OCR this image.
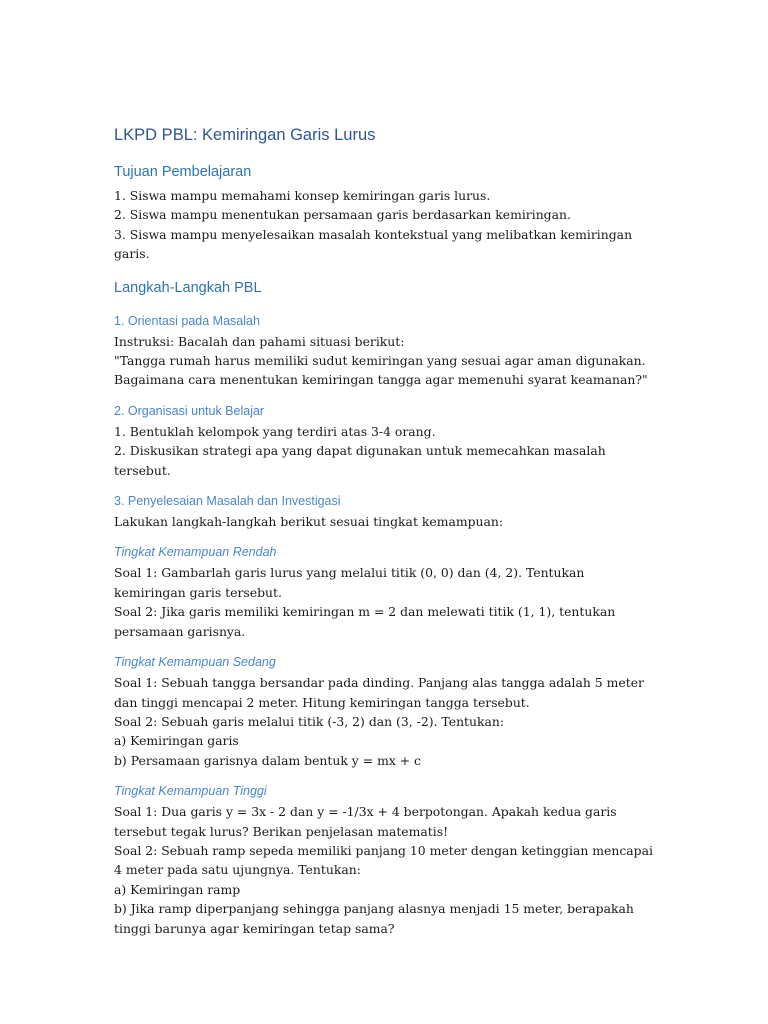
LKPD PBL: Kemiringan Garis Lurus
Tujuan Pembelajaran

1. Siswa mampu memahami konsep kemiringan garis lurus.

2. Siswa mampu menentukan persamaan garis berdasarkan kemiringan.

3. Siswa mampu menyelesaikan masalah kontekstual yang melibatkan kemiringan garis.

Langkah-Langkah PBL
1. Orientasi pada Masalah

Instruksi: Bacalah dan pahami situasi berikut:

"Tangga rumah harus memiliki sudut kemiringan yang sesuai agar aman digunakan. Bagaimana cara menentukan kemiringan tangga agar memenuhi syarat keamanan?"

2. Organisasi untuk Belajar

1. Bentuklah kelompok yang terdiri atas 3-4 orang.

2. Diskusikan strategi apa yang dapat digunakan untuk memecahkan masalah tersebut.

3. Penyelesaian Masalah dan Investigasi

Lakukan langkah-langkah berikut sesuai tingkat kemampuan:

Tingkat Kemampuan Rendah

Soal 1: Gambarlah garis lurus yang melalui titik (0, 0) dan (4, 2). Tentukan kemiringan garis tersebut.

Soal 2: Jika garis memiliki kemiringan m = 2 dan melewati titik (1, 1), tentukan persamaan garisnya.

Tingkat Kemampuan Sedang

Soal 1: Sebuah tangga bersandar pada dinding. Panjang alas tangga adalah 5 meter dan tinggi mencapai 2 meter. Hitung kemiringan tangga tersebut.

Soal 2: Sebuah garis melalui titik (-3, 2) dan (3, -2). Tentukan:

a) Kemiringan garis

b) Persamaan garisnya dalam bentuk y = mx + c

Tingkat Kemampuan Tinggi

Soal 1: Dua garis y = 3x - 2 dan y = -1/3x + 4 berpotongan. Apakah kedua garis tersebut tegak lurus? Berikan penjelasan matematis!

Soal 2: Sebuah ramp sepeda memiliki panjang 10 meter dengan ketinggian mencapai 4 meter pada satu ujungnya. Tentukan:

a) Kemiringan ramp

b) Jika ramp diperpanjang sehingga panjang alasnya menjadi 15 meter, berapakah tinggi barunya agar kemiringan tetap sama?
